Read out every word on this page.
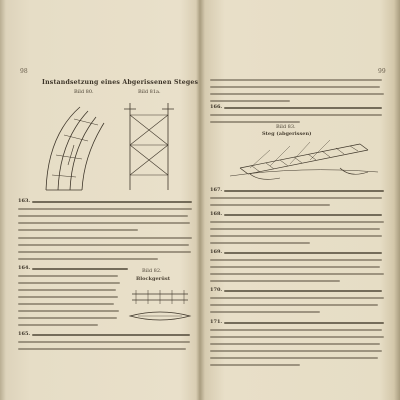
98
Instandsetzung eines Abgerissenen Steges
Bild 80.	Bild 81a.
163.
164.	Bild 82.
Blockgerüst
165.
99
166.
Bild 83.
Steg (abgerissen)
167.
168.
169.
170.
171.
